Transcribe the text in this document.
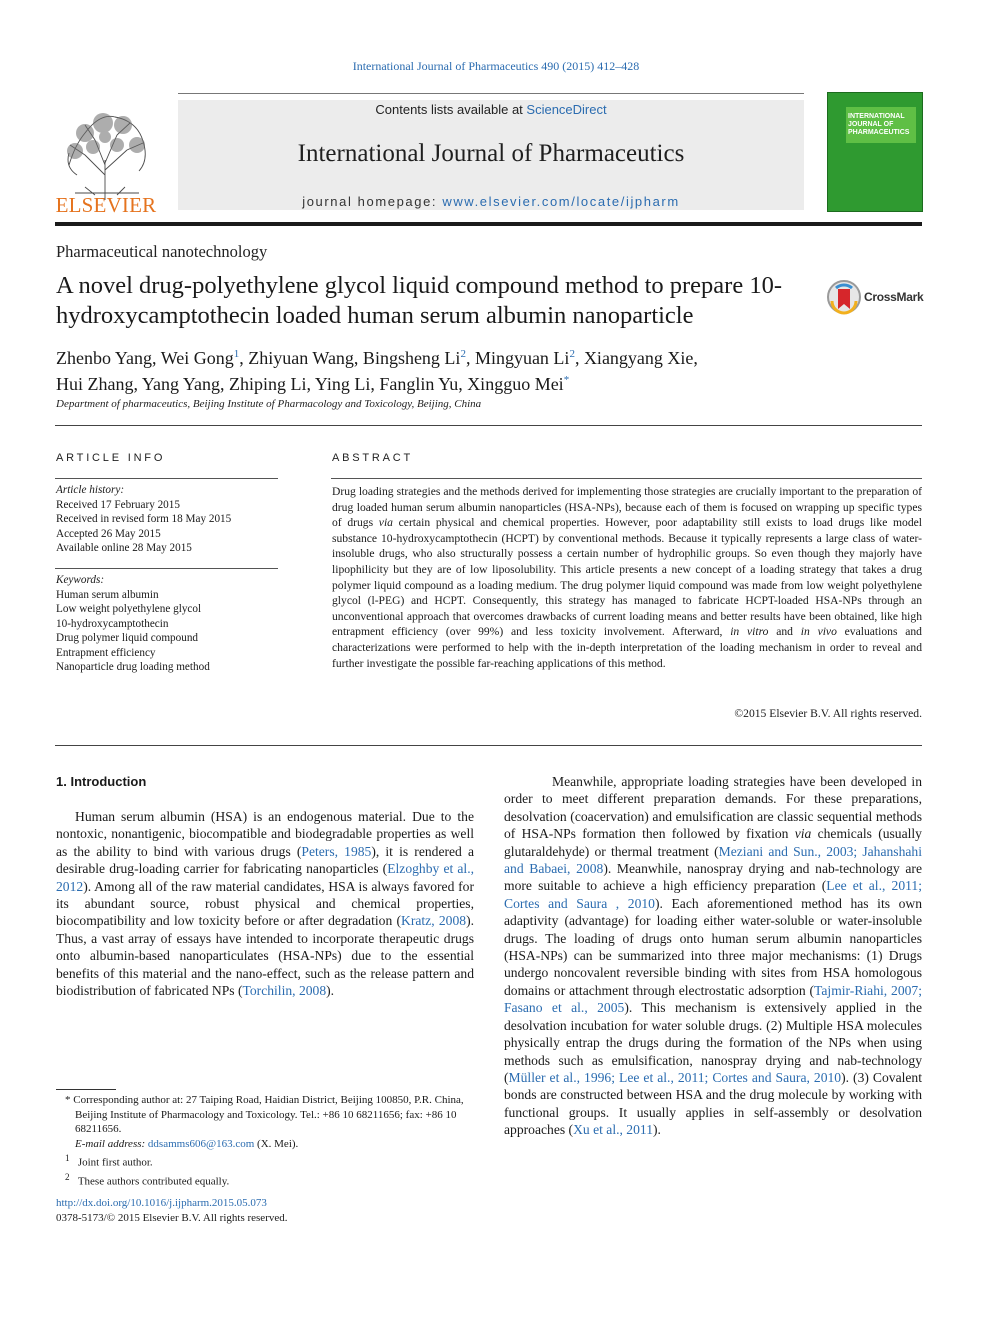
International Journal of Pharmaceutics 490 (2015) 412–428
ELSEVIER
Contents lists available at ScienceDirect
International Journal of Pharmaceutics
journal homepage: www.elsevier.com/locate/ijpharm
INTERNATIONAL JOURNAL OF PHARMACEUTICS
Pharmaceutical nanotechnology
A novel drug-polyethylene glycol liquid compound method to prepare 10-hydroxycamptothecin loaded human serum albumin nanoparticle
CrossMark
Zhenbo Yang, Wei Gong$^1$, Zhiyuan Wang, Bingsheng Li$^2$, Mingyuan Li$^2$, Xiangyang Xie,
Hui Zhang, Yang Yang, Zhiping Li, Ying Li, Fanglin Yu, Xingguo Mei*
Department of pharmaceutics, Beijing Institute of Pharmacology and Toxicology, Beijing, China
ARTICLE INFO
Article history:
Received 17 February 2015
Received in revised form 18 May 2015
Accepted 26 May 2015
Available online 28 May 2015
Keywords:
Human serum albumin
Low weight polyethylene glycol
10-hydroxycamptothecin
Drug polymer liquid compound
Entrapment efficiency
Nanoparticle drug loading method
ABSTRACT
Drug loading strategies and the methods derived for implementing those strategies are crucially important to the preparation of drug loaded human serum albumin nanoparticles (HSA-NPs), because each of them is focused on wrapping up specific types of drugs via certain physical and chemical properties. However, poor adaptability still exists to load drugs like model substance 10-hydroxycamptothecin (HCPT) by conventional methods. Because it typically represents a large class of water-insoluble drugs, who also structurally possess a certain number of hydrophilic groups. So even though they majorly have lipophilicity but they are of low liposolubility. This article presents a new concept of a loading strategy that takes a drug polymer liquid compound as a loading medium. The drug polymer liquid compound was made from low weight polyethylene glycol (l-PEG) and HCPT. Consequently, this strategy has managed to fabricate HCPT-loaded HSA-NPs through an unconventional approach that overcomes drawbacks of current loading means and better results have been obtained, like high entrapment efficiency (over 99%) and less toxicity involvement. Afterward, in vitro and in vivo evaluations and characterizations were performed to help with the in-depth interpretation of the loading mechanism in order to reveal and further investigate the possible far-reaching applications of this method.
©2015 Elsevier B.V. All rights reserved.
1. Introduction
Human serum albumin (HSA) is an endogenous material. Due to the nontoxic, nonantigenic, biocompatible and biodegradable properties as well as the ability to bind with various drugs (Peters, 1985), it is rendered a desirable drug-loading carrier for fabricating nanoparticles (Elzoghby et al., 2012). Among all of the raw material candidates, HSA is always favored for its abundant source, robust physical and chemical properties, biocompatibility and low toxicity before or after degradation (Kratz, 2008). Thus, a vast array of essays have intended to incorporate therapeutic drugs onto albumin-based nanoparticulates (HSA-NPs) due to the essential benefits of this material and the nano-effect, such as the release pattern and biodistribution of fabricated NPs (Torchilin, 2008).
Meanwhile, appropriate loading strategies have been developed in order to meet different preparation demands. For these preparations, desolvation (coacervation) and emulsification are classic sequential methods of HSA-NPs formation then followed by fixation via chemicals (usually glutaraldehyde) or thermal treatment (Meziani and Sun., 2003; Jahanshahi and Babaei, 2008). Meanwhile, nanospray drying and nab-technology are more suitable to achieve a high efficiency preparation (Lee et al., 2011; Cortes and Saura , 2010). Each aforementioned method has its own adaptivity (advantage) for loading either water-soluble or water-insoluble drugs. The loading of drugs onto human serum albumin nanoparticles (HSA-NPs) can be summarized into three major mechanisms: (1) Drugs undergo noncovalent reversible binding with sites from HSA homologous domains or attachment through electrostatic adsorption (Tajmir-Riahi, 2007; Fasano et al., 2005). This mechanism is extensively applied in the desolvation incubation for water soluble drugs. (2) Multiple HSA molecules physically entrap the drugs during the formation of the NPs when using methods such as emulsification, nanospray drying and nab-technology (Müller et al., 1996; Lee et al., 2011; Cortes and Saura, 2010). (3) Covalent bonds are constructed between HSA and the drug molecule by working with functional groups. It usually applies in self-assembly or desolvation approaches (Xu et al., 2011).
* Corresponding author at: 27 Taiping Road, Haidian District, Beijing 100850, P.R. China, Beijing Institute of Pharmacology and Toxicology. Tel.: +86 10 68211656; fax: +86 10 68211656.
E-mail address: ddsamms606@163.com (X. Mei).
$^1$ Joint first author.
$^2$ These authors contributed equally.
http://dx.doi.org/10.1016/j.ijpharm.2015.05.073
0378-5173/© 2015 Elsevier B.V. All rights reserved.
